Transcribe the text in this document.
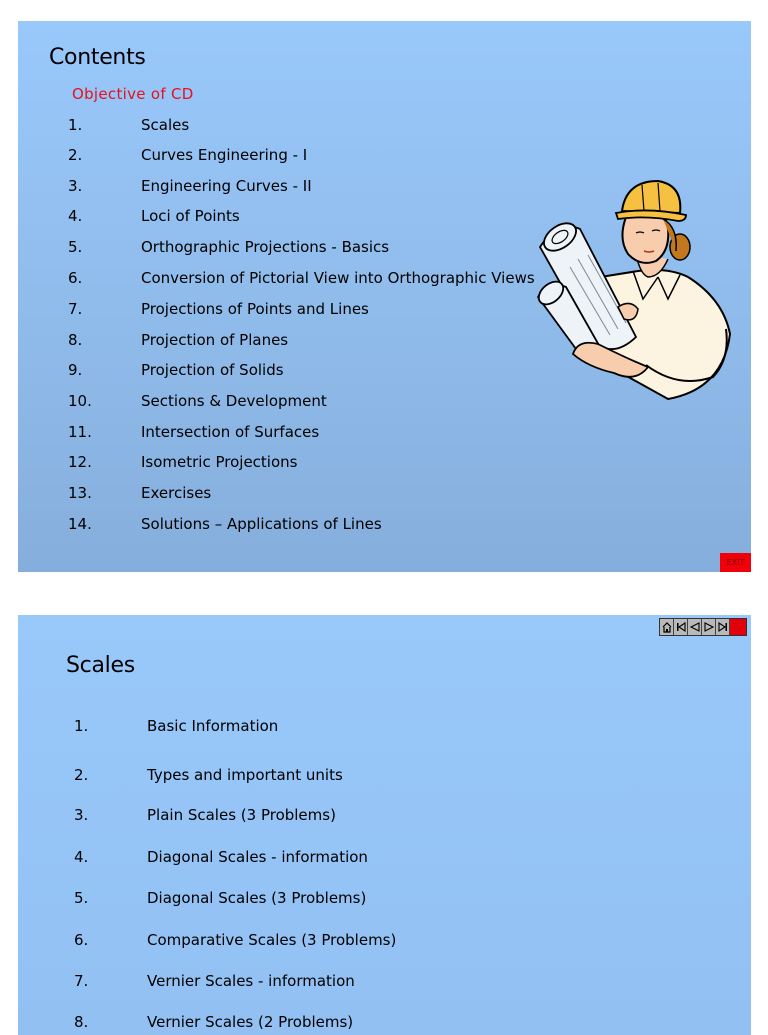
Contents
Objective of CD
1.	Scales
2.	Curves Engineering - I
3.	Engineering Curves - II
4.	Loci of Points
5.	Orthographic Projections - Basics
6.	Conversion of Pictorial View into Orthographic Views
7.	Projections of Points and Lines
8.	Projection of Planes
9.	Projection of Solids
10.	Sections & Development
11.	Intersection of Surfaces
12.	Isometric Projections
13.	Exercises
14.	Solutions – Applications of Lines
EXIT
Scales
1.	Basic Information
2.	Types and important units
3.	Plain Scales (3 Problems)
4.	Diagonal Scales - information
5.	Diagonal Scales (3 Problems)
6.	Comparative Scales (3 Problems)
7.	Vernier Scales - information
8.	Vernier Scales (2 Problems)
